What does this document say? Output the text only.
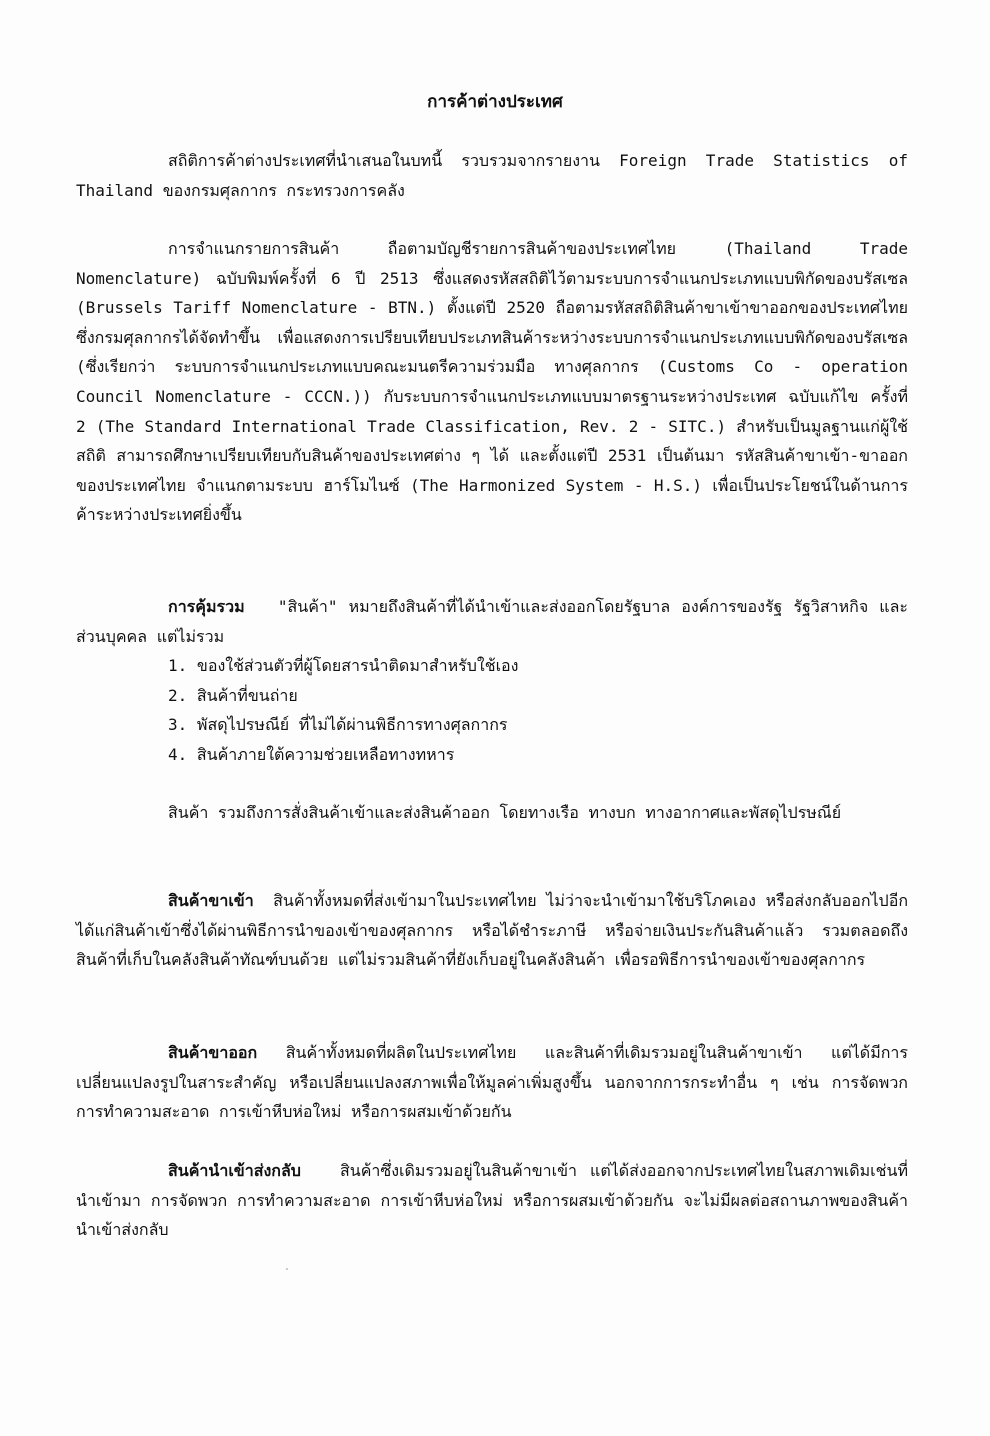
การค้าต่างประเทศ

สถิติการค้าต่างประเทศที่นำเสนอในบทนี้ รวบรวมจากรายงาน Foreign Trade Statistics of Thailand ของกรมศุลกากร กระทรวงการคลัง

การจำแนกรายการสินค้า ถือตามบัญชีรายการสินค้าของประเทศไทย (Thailand Trade Nomenclature) ฉบับพิมพ์ครั้งที่ 6 ปี 2513 ซึ่งแสดงรหัสสถิติไว้ตามระบบการจำแนกประเภทแบบพิกัดของบรัสเซล (Brussels Tariff Nomenclature - BTN.) ตั้งแต่ปี 2520 ถือตามรหัสสถิติสินค้าขาเข้าขาออกของประเทศไทย ซึ่งกรมศุลกากรได้จัดทำขึ้น เพื่อแสดงการเปรียบเทียบประเภทสินค้าระหว่างระบบการจำแนกประเภทแบบพิกัดของบรัสเซล (ซึ่งเรียกว่า ระบบการจำแนกประเภทแบบคณะมนตรีความร่วมมือ ทางศุลกากร (Customs Co - operation Council Nomenclature - CCCN.)) กับระบบการจำแนกประเภทแบบมาตรฐานระหว่างประเทศ ฉบับแก้ไข ครั้งที่ 2 (The Standard International Trade Classification, Rev. 2 - SITC.) สำหรับเป็นมูลฐานแก่ผู้ใช้สถิติ สามารถศึกษาเปรียบเทียบกับสินค้าของประเทศต่าง ๆ ได้ และตั้งแต่ปี 2531 เป็นต้นมา รหัสสินค้าขาเข้า-ขาออกของประเทศไทย จำแนกตามระบบ ฮาร์โมไนซ์ (The Harmonized System - H.S.) เพื่อเป็นประโยชน์ในด้านการค้าระหว่างประเทศยิ่งขึ้น

การคุ้มรวม "สินค้า" หมายถึงสินค้าที่ได้นำเข้าและส่งออกโดยรัฐบาล องค์การของรัฐ รัฐวิสาหกิจ และส่วนบุคคล แต่ไม่รวม

1. ของใช้ส่วนตัวที่ผู้โดยสารนำติดมาสำหรับใช้เอง
2. สินค้าที่ขนถ่าย
3. พัสดุไปรษณีย์ ที่ไม่ได้ผ่านพิธีการทางศุลกากร
4. สินค้าภายใต้ความช่วยเหลือทางทหาร

สินค้า รวมถึงการสั่งสินค้าเข้าและส่งสินค้าออก โดยทางเรือ ทางบก ทางอากาศและพัสดุไปรษณีย์

สินค้าขาเข้า สินค้าทั้งหมดที่ส่งเข้ามาในประเทศไทย ไม่ว่าจะนำเข้ามาใช้บริโภคเอง หรือส่งกลับออกไปอีก ได้แก่สินค้าเข้าซึ่งได้ผ่านพิธีการนำของเข้าของศุลกากร หรือได้ชำระภาษี หรือจ่ายเงินประกันสินค้าแล้ว รวมตลอดถึงสินค้าที่เก็บในคลังสินค้าทัณฑ์บนด้วย แต่ไม่รวมสินค้าที่ยังเก็บอยู่ในคลังสินค้า เพื่อรอพิธีการนำของเข้าของศุลกากร

สินค้าขาออก สินค้าทั้งหมดที่ผลิตในประเทศไทย และสินค้าที่เดิมรวมอยู่ในสินค้าขาเข้า แต่ได้มีการเปลี่ยนแปลงรูปในสาระสำคัญ หรือเปลี่ยนแปลงสภาพเพื่อให้มูลค่าเพิ่มสูงขึ้น นอกจากการกระทำอื่น ๆ เช่น การจัดพวก การทำความสะอาด การเข้าหีบห่อใหม่ หรือการผสมเข้าด้วยกัน

สินค้านำเข้าส่งกลับ สินค้าซึ่งเดิมรวมอยู่ในสินค้าขาเข้า แต่ได้ส่งออกจากประเทศไทยในสภาพเดิมเช่นที่นำเข้ามา การจัดพวก การทำความสะอาด การเข้าหีบห่อใหม่ หรือการผสมเข้าด้วยกัน จะไม่มีผลต่อสถานภาพของสินค้านำเข้าส่งกลับ
